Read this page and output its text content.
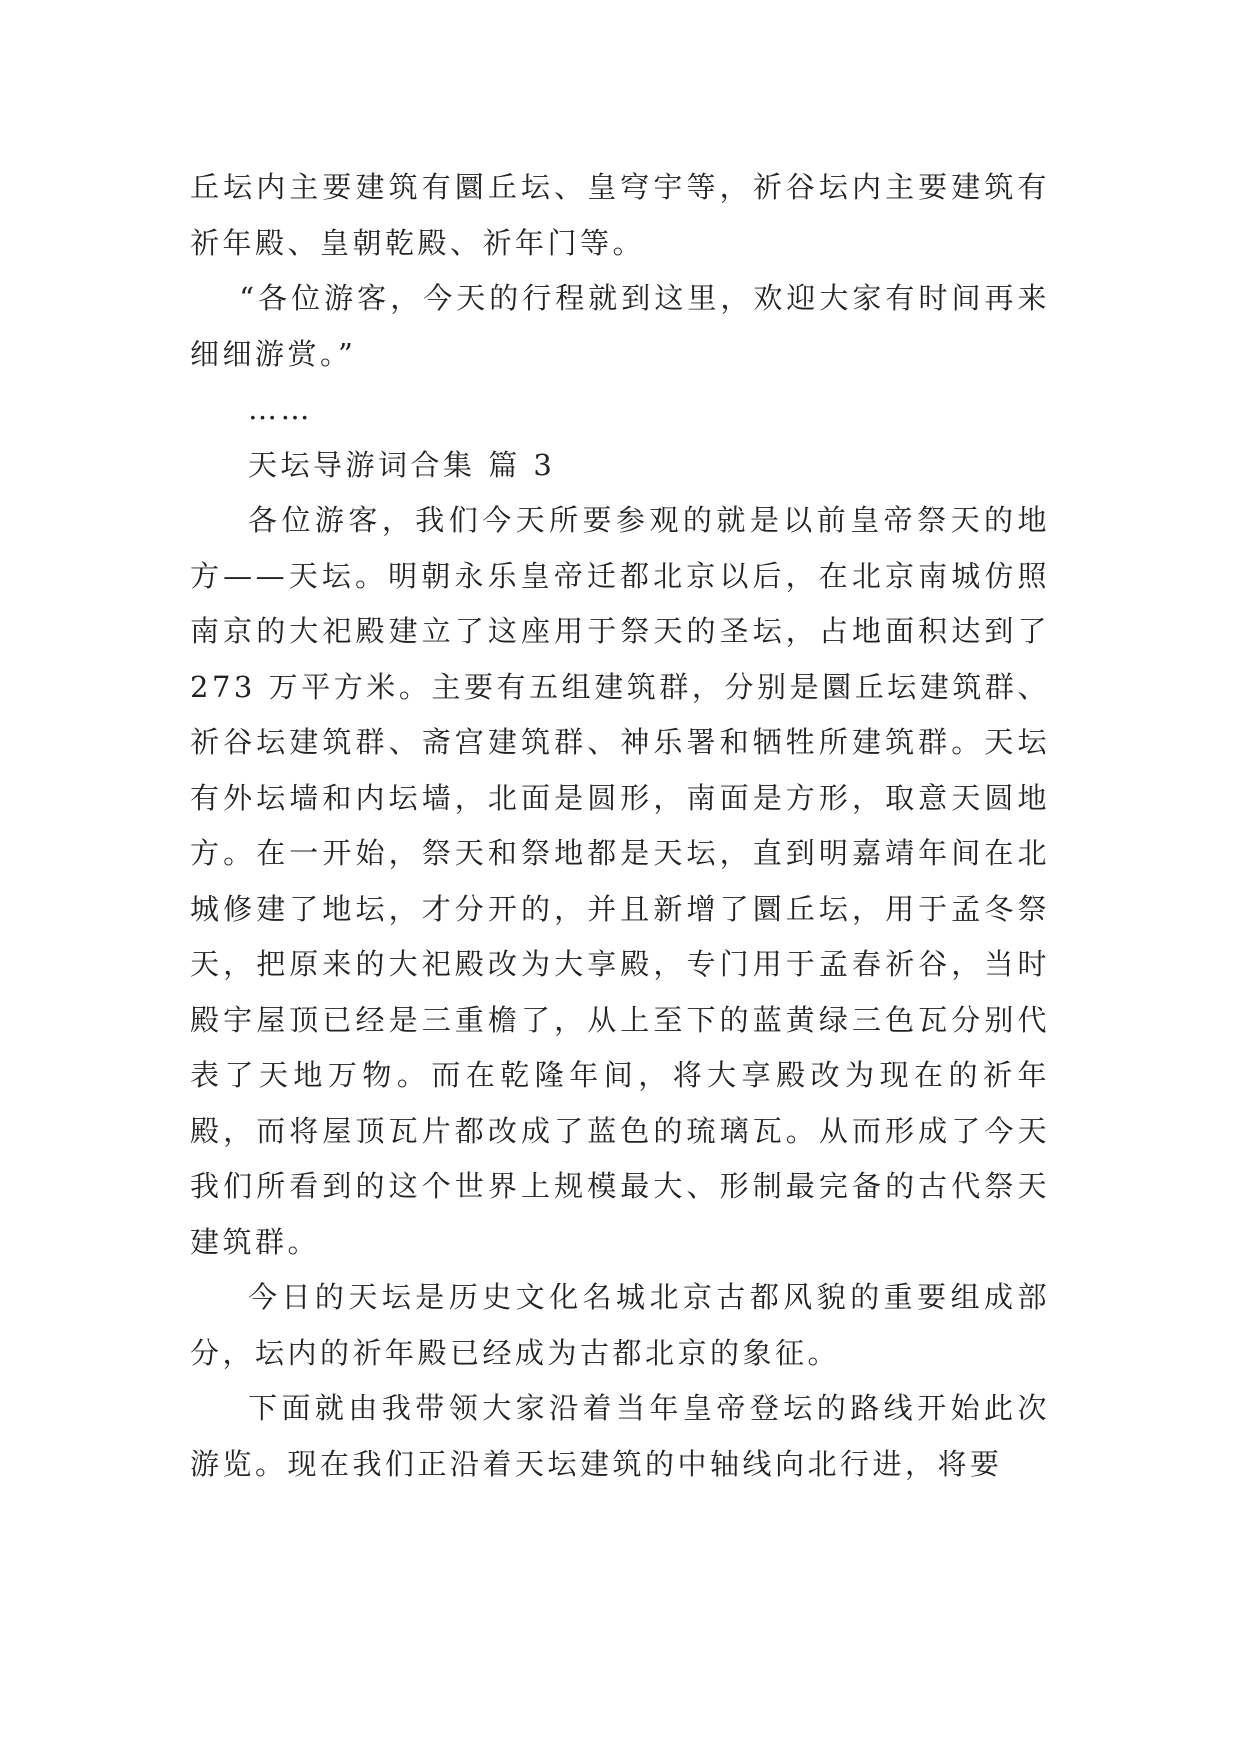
丘坛内主要建筑有圜丘坛、皇穹宇等，祈谷坛内主要建筑有祈年殿、皇朝乾殿、祈年门等。

“各位游客，今天的行程就到这里，欢迎大家有时间再来细细游赏。”

……

天坛导游词合集 篇 3

各位游客，我们今天所要参观的就是以前皇帝祭天的地方——天坛。明朝永乐皇帝迁都北京以后，在北京南城仿照南京的大祀殿建立了这座用于祭天的圣坛，占地面积达到了 273 万平方米。主要有五组建筑群，分别是圜丘坛建筑群、祈谷坛建筑群、斋宫建筑群、神乐署和牺牲所建筑群。天坛有外坛墙和内坛墙，北面是圆形，南面是方形，取意天圆地方。在一开始，祭天和祭地都是天坛，直到明嘉靖年间在北城修建了地坛，才分开的，并且新增了圜丘坛，用于孟冬祭天，把原来的大祀殿改为大享殿，专门用于孟春祈谷，当时殿宇屋顶已经是三重檐了，从上至下的蓝黄绿三色瓦分别代表了天地万物。而在乾隆年间，将大享殿改为现在的祈年殿，而将屋顶瓦片都改成了蓝色的琉璃瓦。从而形成了今天我们所看到的这个世界上规模最大、形制最完备的古代祭天建筑群。

今日的天坛是历史文化名城北京古都风貌的重要组成部分，坛内的祈年殿已经成为古都北京的象征。

下面就由我带领大家沿着当年皇帝登坛的路线开始此次游览。现在我们正沿着天坛建筑的中轴线向北行进，将要
